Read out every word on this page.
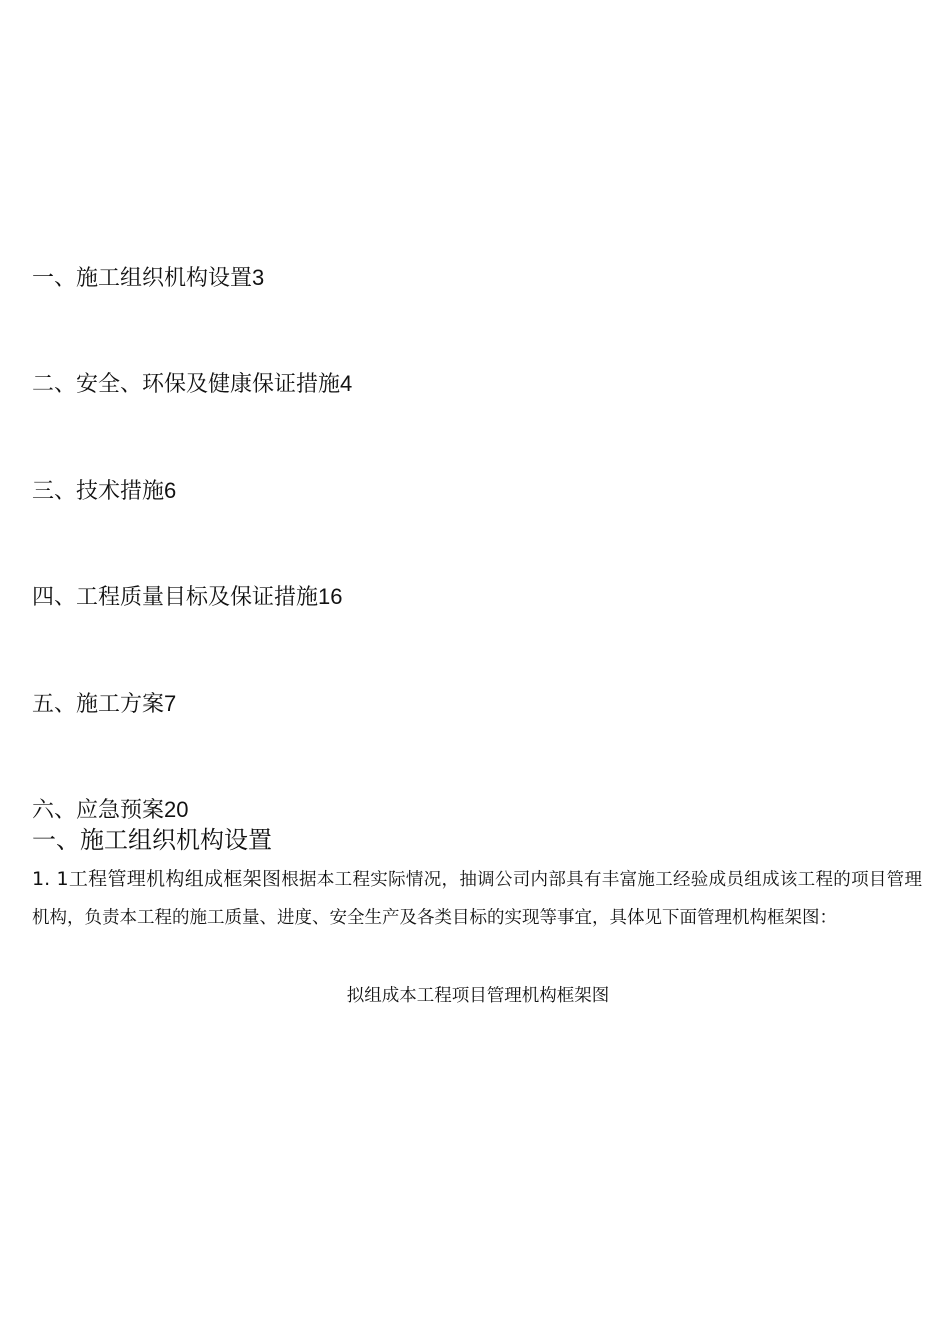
一、施工组织机构设置3
二、安全、环保及健康保证措施4
三、技术措施6
四、工程质量目标及保证措施16
五、施工方案7
六、应急预案20
一、施工组织机构设置
1. 1工程管理机构组成框架图根据本工程实际情况，抽调公司内部具有丰富施工经验成员组成该工程的项目管理机构，负责本工程的施工质量、进度、安全生产及各类目标的实现等事宜，具体见下面管理机构框架图：
拟组成本工程项目管理机构框架图
